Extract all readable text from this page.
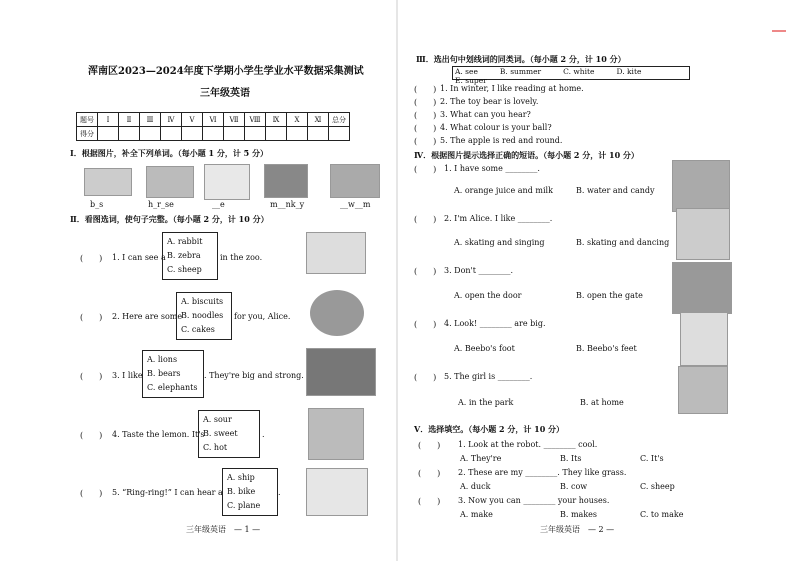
浑南区2023—2024年度下学期小学生学业水平数据采集测试
三年级英语
题号	Ⅰ	Ⅱ	Ⅲ	Ⅳ	Ⅴ	Ⅵ	Ⅶ	Ⅷ	Ⅸ	Ⅹ	Ⅺ	总分
得分												
Ⅰ．根据图片，补全下列单词。（每小题 1 分，计 5 分）
b_s	h_r_se	__e	m__nk_y	__w__m
Ⅱ．看图选词，使句子完整。（每小题 2 分，计 10 分）
(　　) 1. I can see a
A. rabbit
B. zebra
C. sheep
in the zoo.
(　　) 2. Here are some
A. biscuits
B. noodles
C. cakes
for you, Alice.
(　　) 3. I like
A. lions
B. bears
C. elephants
. They're big and strong.
(　　) 4. Taste the lemon. It's
A. sour
B. sweet
C. hot
.
(　　) 5. “Ring-ring!” I can hear a
A. ship
B. bike
C. plane
.
三年级英语　— 1 —
Ⅲ．选出句中划线词的同类词。（每小题 2 分，计 10 分）
A. see	B. summer	C. white	D. kiteE. super
(　　) 1. In winter, I like reading at home.
(　　) 2. The toy bear is lovely.
(　　) 3. What can you hear?
(　　) 4. What colour is your ball?
(　　) 5. The apple is red and round.
Ⅳ．根据图片提示选择正确的短语。（每小题 2 分，计 10 分）
(　　) 1. I have some ________.
A. orange juice and milk	B. water and candy
(　　) 2. I'm Alice. I like ________.
A. skating and singing	B. skating and dancing
(　　) 3. Don't ________.
A. open the door	B. open the gate
(　　) 4. Look! ________ are big.
A. Beebo's foot	B. Beebo's feet
(　　) 5. The girl is ________.
A. in the park	B. at home
Ⅴ．选择填空。（每小题 2 分，计 10 分）
(　　) 1. Look at the robot. ________ cool.
A. They're	B. Its	C. It's
(　　) 2. These are my ________. They like grass.
A. duck	B. cow	C. sheep
(　　) 3. Now you can ________ your houses.
A. make	B. makes	C. to make
三年级英语　— 2 —
